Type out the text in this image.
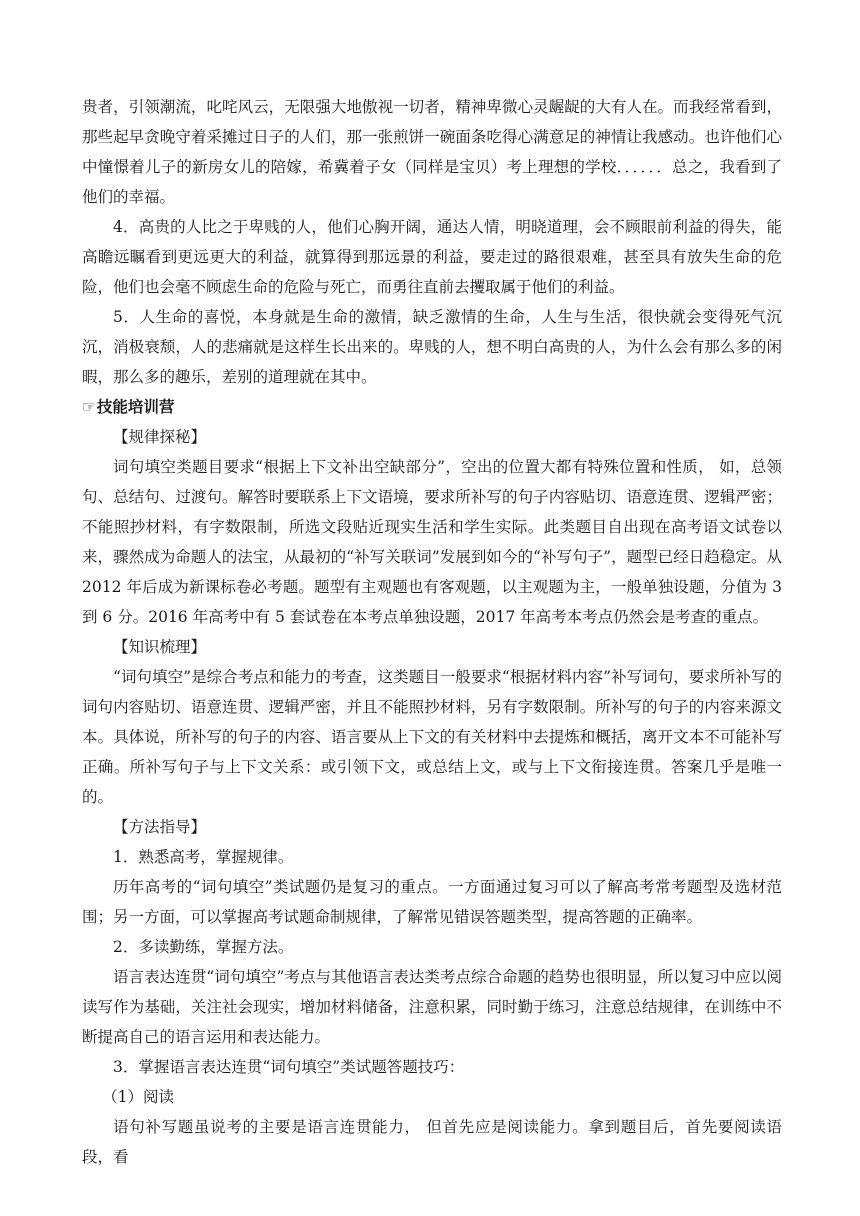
贵者，引领潮流，叱咤风云，无限强大地傲视一切者，精神卑微心灵龌龊的大有人在。而我经常看到，那些起早贪晚守着采摊过日子的人们，那一张煎饼一碗面条吃得心满意足的神情让我感动。也许他们心中憧憬着儿子的新房女儿的陪嫁，希冀着子女（同样是宝贝）考上理想的学校．．．．．．总之，我看到了他们的幸福。

4．高贵的人比之于卑贱的人，他们心胸开阔，通达人情，明晓道理，会不顾眼前利益的得失，能高瞻远瞩看到更远更大的利益，就算得到那远景的利益，要走过的路很艰难，甚至具有放失生命的危险，他们也会毫不顾虑生命的危险与死亡，而勇往直前去攫取属于他们的利益。

5．人生命的喜悦，本身就是生命的激情，缺乏激情的生命，人生与生活，很快就会变得死气沉沉，消极衰颓，人的悲痛就是这样生长出来的。卑贱的人，想不明白高贵的人，为什么会有那么多的闲暇，那么多的趣乐，差别的道理就在其中。

☞技能培训营

【规律探秘】

词句填空类题目要求“根据上下文补出空缺部分”，空出的位置大都有特殊位置和性质， 如，总领句、总结句、过渡句。解答时要联系上下文语境，要求所补写的句子内容贴切、语意连贯、逻辑严密；不能照抄材料，有字数限制，所选文段贴近现实生活和学生实际。此类题目自出现在高考语文试卷以来，骤然成为命题人的法宝，从最初的“补写关联词”发展到如今的“补写句子”，题型已经日趋稳定。从 2012 年后成为新课标卷必考题。题型有主观题也有客观题，以主观题为主，一般单独设题，分值为 3 到 6 分。2016 年高考中有 5 套试卷在本考点单独设题，2017 年高考本考点仍然会是考查的重点。

【知识梳理】

“词句填空”是综合考点和能力的考查，这类题目一般要求“根据材料内容”补写词句，要求所补写的词句内容贴切、语意连贯、逻辑严密，并且不能照抄材料，另有字数限制。所补写的句子的内容来源文本。具体说，所补写的句子的内容、语言要从上下文的有关材料中去提炼和概括，离开文本不可能补写正确。所补写句子与上下文关系：或引领下文，或总结上文，或与上下文衔接连贯。答案几乎是唯一的。

【方法指导】

1．熟悉高考，掌握规律。

历年高考的“词句填空”类试题仍是复习的重点。一方面通过复习可以了解高考常考题型及选材范围；另一方面，可以掌握高考试题命制规律，了解常见错误答题类型，提高答题的正确率。

2．多读勤练，掌握方法。

语言表达连贯“词句填空”考点与其他语言表达类考点综合命题的趋势也很明显，所以复习中应以阅读写作为基础，关注社会现实，增加材料储备，注意积累，同时勤于练习，注意总结规律，在训练中不断提高自己的语言运用和表达能力。

3．掌握语言表达连贯“词句填空”类试题答题技巧：

（1）阅读

语句补写题虽说考的主要是语言连贯能力， 但首先应是阅读能力。拿到题目后，首先要阅读语段，看
